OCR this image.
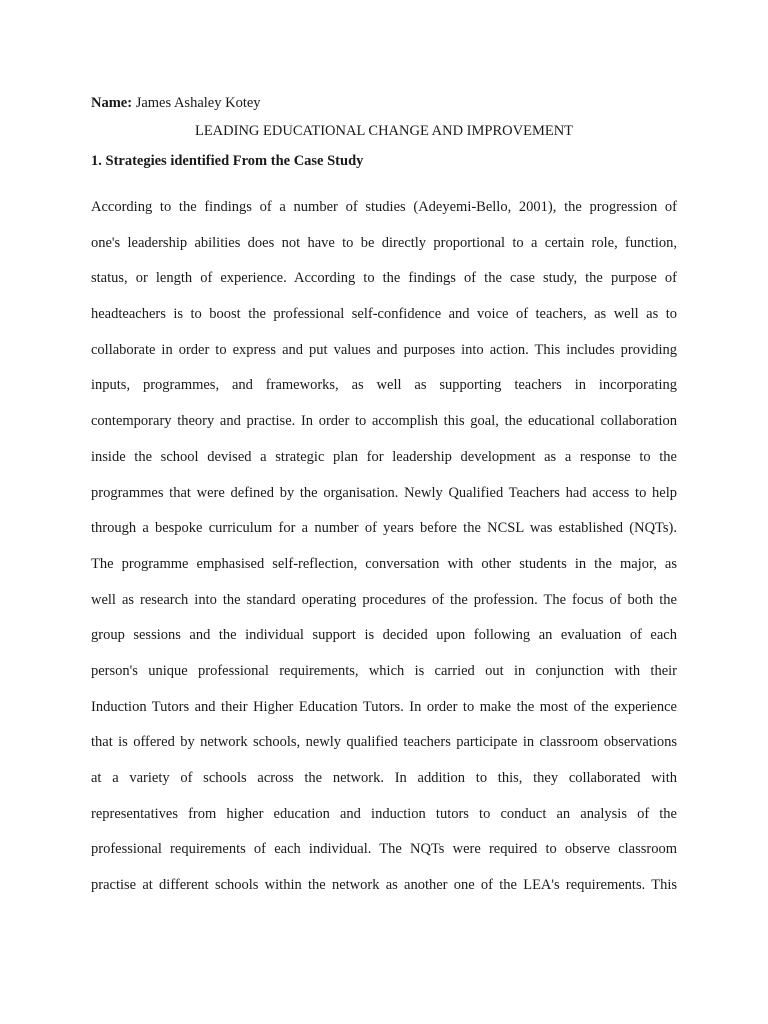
Name: James Ashaley Kotey
LEADING EDUCATIONAL CHANGE AND IMPROVEMENT
1. Strategies identified From the Case Study
According to the findings of a number of studies (Adeyemi-Bello, 2001), the progression of
one's leadership abilities does not have to be directly proportional to a certain role, function,
status, or length of experience. According to the findings of the case study, the purpose of
headteachers is to boost the professional self-confidence and voice of teachers, as well as to
collaborate in order to express and put values and purposes into action. This includes providing
inputs, programmes, and frameworks, as well as supporting teachers in incorporating
contemporary theory and practise. In order to accomplish this goal, the educational collaboration
inside the school devised a strategic plan for leadership development as a response to the
programmes that were defined by the organisation. Newly Qualified Teachers had access to help
through a bespoke curriculum for a number of years before the NCSL was established (NQTs).
The programme emphasised self-reflection, conversation with other students in the major, as
well as research into the standard operating procedures of the profession. The focus of both the
group sessions and the individual support is decided upon following an evaluation of each
person's unique professional requirements, which is carried out in conjunction with their
Induction Tutors and their Higher Education Tutors. In order to make the most of the experience
that is offered by network schools, newly qualified teachers participate in classroom observations
at a variety of schools across the network. In addition to this, they collaborated with
representatives from higher education and induction tutors to conduct an analysis of the
professional requirements of each individual. The NQTs were required to observe classroom
practise at different schools within the network as another one of the LEA's requirements. This
